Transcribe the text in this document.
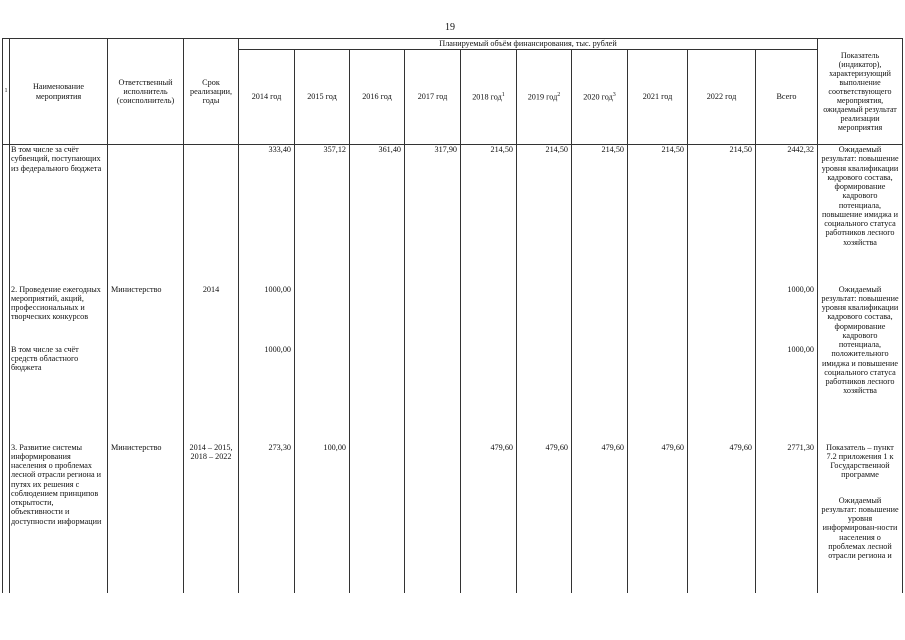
19
1	Наименование мероприятия	Ответственный исполнитель (соисполнитель)	Срок реализации, годы	Планируемый объём финансирования, тыс. рублей										Показатель (индикатор), характеризующий выполнение соответствующего мероприятия, ожидаемый результат реализации мероприятия
				2014 год	2015 год	2016 год	2017 год	2018 год$^1$	2019 год$^2$	2020 год$^3$	2021 год	2022 год	Всего	
	В том числе за счёт субвенций, поступающих из федерального бюджета			333,40	357,12	361,40	317,90	214,50	214,50	214,50	214,50	214,50	2442,32	Ожидаемый результат: повышение уровня квалификации кадрового состава, формирование кадрового потенциала, повышение имиджа и социального статуса работников лесного хозяйства
	2. Проведение ежегодных мероприятий, акций, профессиональных и творческих конкурсов	Министерство	2014	1000,00									1000,00	Ожидаемый результат: повышение уровня квалификации кадрового состава, формирование кадрового потенциала, положительного имиджа и повышение социального статуса работников лесного хозяйства
	В том числе за счёт средств областного бюджета			1000,00									1000,00	
	3. Развитие системы информирования населения о проблемах лесной отрасли региона и путях их решения с соблюдением принципов открытости, объективности и доступности информации	Министерство	2014 – 2015, 2018 – 2022	273,30	100,00			479,60	479,60	479,60	479,60	479,60	2771,30	Показатель – пункт 7.2 приложения 1 к Государственной программе
Ожидаемый результат: повышение уровня информирован-ности населения о проблемах лесной отрасли региона и
